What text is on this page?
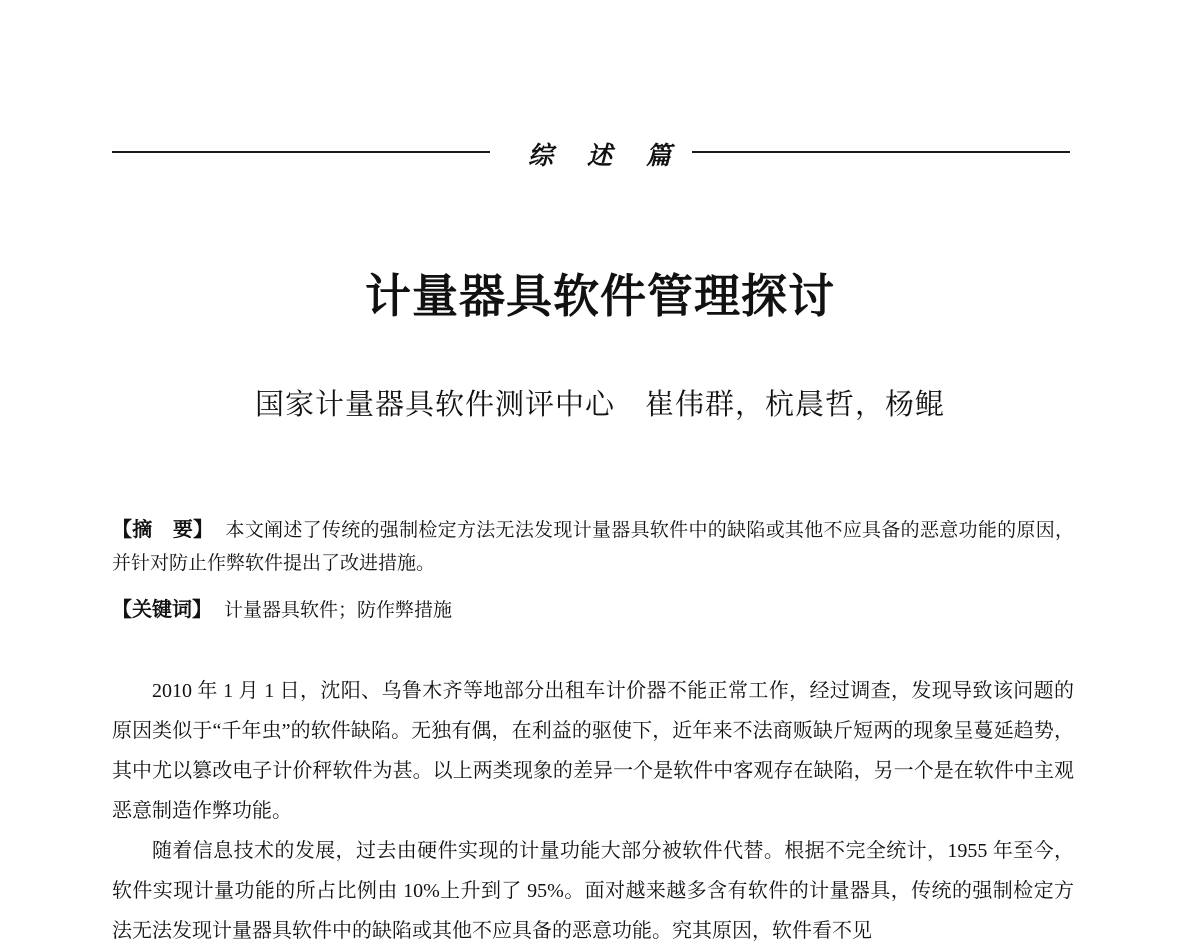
综述篇
计量器具软件管理探讨
国家计量器具软件测评中心 崔伟群，杭晨哲，杨鲲
【摘　要】 本文阐述了传统的强制检定方法无法发现计量器具软件中的缺陷或其他不应具备的恶意功能的原因，并针对防止作弊软件提出了改进措施。
【关键词】 计量器具软件；防作弊措施

2010 年 1 月 1 日，沈阳、乌鲁木齐等地部分出租车计价器不能正常工作，经过调查，发现导致该问题的原因类似于“千年虫”的软件缺陷。无独有偶，在利益的驱使下，近年来不法商贩缺斤短两的现象呈蔓延趋势，其中尤以篡改电子计价秤软件为甚。以上两类现象的差异一个是软件中客观存在缺陷，另一个是在软件中主观恶意制造作弊功能。

随着信息技术的发展，过去由硬件实现的计量功能大部分被软件代替。根据不完全统计，1955 年至今，软件实现计量功能的所占比例由 10%上升到了 95%。面对越来越多含有软件的计量器具，传统的强制检定方法无法发现计量器具软件中的缺陷或其他不应具备的恶意功能。究其原因，软件看不见
